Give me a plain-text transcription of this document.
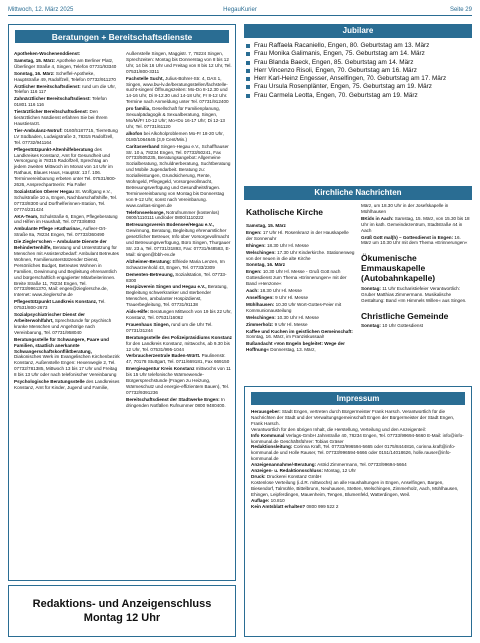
Mittwoch, 12. März 2025	HegauKurier	Seite 29
Beratungen + Bereitschaftsdienste

Apotheken-Wochenenddienst:

Samstag, 15. März: Apotheke am Berliner Platz, Überlinger Straße 4, Singen, Telefon 07731/93340

Sonntag, 16. März: Scheffel-Apotheke, Hauptstraße 49, Radolfzell, Telefon 07732/911270

Ärztlicher Bereitschaftsdienst: rund um die Uhr, Telefon 116 117

Zahnärztlicher Bereitschaftsdienst: Telefon 01801 116 116

Tierärztlicher Bereitschaftsdienst: Den tierärztlichen Notdienst erfahren Sie bei Ihrem Haustierarzt.

Tier-Ambulanz-Notruf: 0160/5187715, Tierrettung LV Südbaden, Ludwigstraße 3, 78315 Radolfzell, Tel. 07732/941164

Pflegestützpunkt-Altenhilfeberatung des Landkreises Konstanz, Amt für Gesundheit und Versorgung in 78315 Radolfzell, Sprechtag an jedem zweiten Mittwoch im Monat von 14 Uhr im Rathaus, Blaues Haus, Hauptstr. 13 f. 106. Terminvereinbarung erbeten unter Tel. 07531/800-2626, Ansprechpartnerin: Pia Faller

Sozialstation Oberer Hegau St. Wolfgang e.V., Schulstraße 10 a, Engen, Nachbarschaftshilfe, Tel. 07733/8300 und Dorfhelferinnen-Station, Tel. 07774/231424

AKA-Team, Schulstraße 6, Engen, Pflegeberatung und Hilfen im Haushalt, Tel. 07733/6893

Ambulante Pflege »Katharina«, Aufleer-Ort-Straße 8a, 78234 Engen, Tel. 07733/360490

Die Ziegler'schen – Ambulante Dienste der Behindertenhilfe, Beratung und Unterstützung für Menschen mit Assistenzbedarf: Ambulant Betreutes Wohnen, Familienunterstützender Dienst, Persönliches Budget, Betreutes Wohnen in Familien, Gewinnung und Begleitung ehrenamtlich und bürgerschaftlich engagierter Mitarbeiterinnen. Breite Straße 11, 78234 Engen, Tel. 07733/9961370, Mail: engen@zieglersche.de, Internet: www.zieglersche.de

Pflegestützpunkt Landkreis Konstanz, Tel. 07531/800-2673

Sozialpsychiatrischer Dienst der Arbeiterwohlfahrt, Sprechstunde für psychisch kranke Menschen und Angehörige nach Vereinbarung, Tel. 07731/958040

Beratungsstelle für Schwangere, Paare und Familien, staatlich anerkannte Schwangerschaftskonfliktberatung, Diakonisches Werk im Evangelischen Kirchenbezirk Konstanz, Außenstelle Engen: Hexenwegle 2, Tel. 07732/781385, Mittwoch 13 bis 17 Uhr und Freitag 8 bis 13 Uhr oder nach telefonischer Vereinbarung

Psychologische Beratungsstelle des Landkreises Konstanz, Amt für Kinder, Jugend und Familie,

Außenstelle Singen, Maggistr. 7, 78224 Singen, Sprechzeiten: Montag bis Donnerstag von 8 bis 12 Uhr, 14 bis 16 Uhr und Freitag von 8 bis 12 Uhr, Tel. 07531/800-3311

Fachstelle Sucht, Julius-Bührer-Str. 4, DAS 1, Singen, www.bw-lv.de/beratungsstellen/fachstelle-sucht-singen/ Öffnungszeiten: Mo-Do 8-12.30 und 14-16 Uhr, Di 8-12.30 und 14-18 Uhr, Fr 8-12 Uhr. Termine nach Anmeldung unter Tel. 07731/912400

pro familia, Gesellschaft für Familienplanung, Sexualpädagogik & Sexualberatung, Singen, Mo/Mi/Fr 10-12 Uhr; Mo+Do 16-17 Uhr; Di 12-13 Uhr, Tel. 07731/61120

alkofon bei Alkoholproblemen Mo-Fr 18-20 Uhr, 0180/1064645 (3,9 Cent/Min.)

Caritasverband Singen-Hegau e.V., Schaffhauser Str. 10 a, 78234 Engen, Tel. 07733/50241, Fax 07733/505235, Beratungsangebot: Allgemeine Sozialberatung, Schuldnerberatung, Suchtberatung und Mobile Jugendarbeit. Beratung zu: Sozialleistungen, Grundsicherung, Rente, Wohngeld, Pflegegeld, Vorsorgevollmacht, Betreuungsverfügung und Gesundheitsfragen. Terminvereinbarung von Montag bis Donnerstag von 9-12 Uhr, sonst nach Vereinbarung. www.caritas-singen.de

Telefonseelsorge, Notrufnummer (kostenlos) 0800/1110111 und/oder 0800/1110222

Betreuungsverein Bodensee/Hegau e.V., Gewinnung, Beratung, Begleitung ehrenamtlicher gesetzlicher Betreuer, Info über Vorsorgevollmacht und Betreuungsverfügung, Büro Singen, Thurgauer Str. 23 a, Tel. 07731/31893, Fax: 07731/948583, E-Mail: singen@bbh-ev.de

Alzheimer-Beratung: Elfriede Maria Lenzen, Im Schwarzenhold 43, Engen, Tel. 07733/2309

Dementen-Betreuung, Sozialstation, Tel. 07733-8300

Hospizverein Singen und Hegau e.V., Beratung, Begleitung schwerkranker und sterbender Menschen, ambulanter Hospizdienst, Trauerbegleitung, Tel. 07731/91138

Aids-Hilfe: Beratungen Mittwoch von 19 bis 22 Uhr, Konstanz, Tel. 07531/16062

Frauenhaus Singen, rund um die Uhr Tel. 07731/31244

Beratungsstelle des Polizeipräsidiums Konstanz für den Landkreis Konstanz, mittwochs, ab 9.30 bis 12 Uhr, Tel. 07531/995-1044

Verbraucherzentrale Baden-Württ. Paulinenstr. 47, 70178 Stuttgart, Tel. 0711/669181, Fax 669150

Energieagentur Kreis Konstanz mittwochs von 11 bis 15 Uhr telefonische Wärmewende-Bürgersprechstunde (Fragen zu Heizung, Wärmeschutz und energie-effizientem Bauen), Tel. 07732/9391236

Bereitschaftsdienst der Stadtwerke Engen: In dringenden Notfällen Rufnummer 0800 9480400.

Redaktions- und Anzeigenschluss
Montag 12 Uhr
Jubilare
Frau Raffaela Racaniello, Engen, 80. Geburtstag am 13. März
Frau Monika Galimanis, Engen, 75. Geburtstag am 14. März
Frau Blanda Baeck, Engen, 85. Geburtstag am 14. März
Herr Vincenzo Risoli, Engen, 70. Geburtstag am 16. März
Herr Karl-Heinz Engesser, Anselfingen, 70. Geburtstag am 17. März
Frau Ursula Rosenplänter, Engen, 75. Geburtstag am 19. März
Frau Carmela Leotta, Engen, 70. Geburtstag am 19. März
Kirchliche Nachrichten
Katholische Kirche

Samstag, 15. März

Engen: 17 Uhr Hl. Rosenkranz in der Hauskapelle der Sonnenuhr

Ehingen: 18.30 Uhr Hl. Messe

Welschingen: 17.30 Uhr Kinderkirche. Stationenweg von der neuen in die alte Kirche

Sonntag, 16. März

Engen: 10.30 Uhr Hl. Messe - Gruß Gott nach Gottesdienst zum Thema »Erinnerungen« mit der Band »Henzone«

Aach: 18.30 Uhr Hl. Messe

Anselfingen: 9 Uhr Hl. Messe

Mühlhausen: 10.30 Uhr Wort-Gottes-Feier mit Kommunionausteilung

Welschingen: 10.30 Uhr Hl. Messe

Zimmerholz: 9 Uhr Hl. Messe

Kaffee und Kuchen im geistlichen Gemeinschaft: Sonntag, 16. März, im Franziskussaal!

Bußandacht »Von Engeln begleitet: Wege der Hoffnung« Donnerstag, 13. März,

März, um 18.30 Uhr in der Josefskapelle in Mühlhausen

BKids in Aach: Samstag, 15. März, von 15.30 bis 18 Uhr im kath. Gemeindezentrum, Stadtstraße 44 in Aach

Grüß Gott mal(h) – Gottesdienst in Engen: 16. März um 10.30 Uhr mit dem Thema »Erinnerungen«

Ökumenische Emmauskapelle (Autobahnkapelle)

Sonntag: 11 Uhr Eucharistiefeier Verantwortlich: Gruber Matthias Zimmermann. Musikalische Gestaltung: Band »Im Himmels Willen« aus Singen.

Christliche Gemeinde

Sonntag: 10 Uhr Gottesdienst

Impressum

Herausgeber: Stadt Engen, vertreten durch Bürgermeister Frank Harsch. Verantwortlich für die Nachrichten der Stadt und der Verwaltungsgemeinschaft Engen der Bürgermeister der Stadt Engen, Frank Harsch.

Verantwortlich für den übrigen Inhalt, die Herstellung, Verteilung und den Anzeigenteil:

Info Kommunal Verlags-GmbH Jahnstraße 40, 78234 Engen, Tel. 07733/99694-5660 E-Mail: info@info-kommunal.de Geschäftsführer: Tobias Gräser

Redaktionsleitung: Corinna Kraft, Tel. 07733/996594-5665 oder 0175/8444816, corinna.kraft@info-kommunal.de und Holle Rauser, Tel. 07733/996594-5666 oder 0151/14018626, holle.rauser@info-kommunal.de

Anzeigenannahme/-Beratung: Astrid Zimmermann, Tel. 07733/99694-5664

Anzeigen- u. Redaktionsschluss: Montag, 12 Uhr

Druck: Druckerei Konstanz GmbH

Kostenlose Verteilung (i.d.R. mittwochs) an alle Haushaltungen in Engen, Anselfingen, Bargen, Biesendorf, Talmühle, Bittelbrunn, Neuhausen, Stetten, Welschingen, Zimmerholz, Aach, Mühlhausen, Ehingen, Leipferdingen, Mauenheim, Tengen, Blumenfeld, Watterdingen, Weil.

Auflage: 10.810

Kein Amtsblatt erhalten? 0800 999 522 2
